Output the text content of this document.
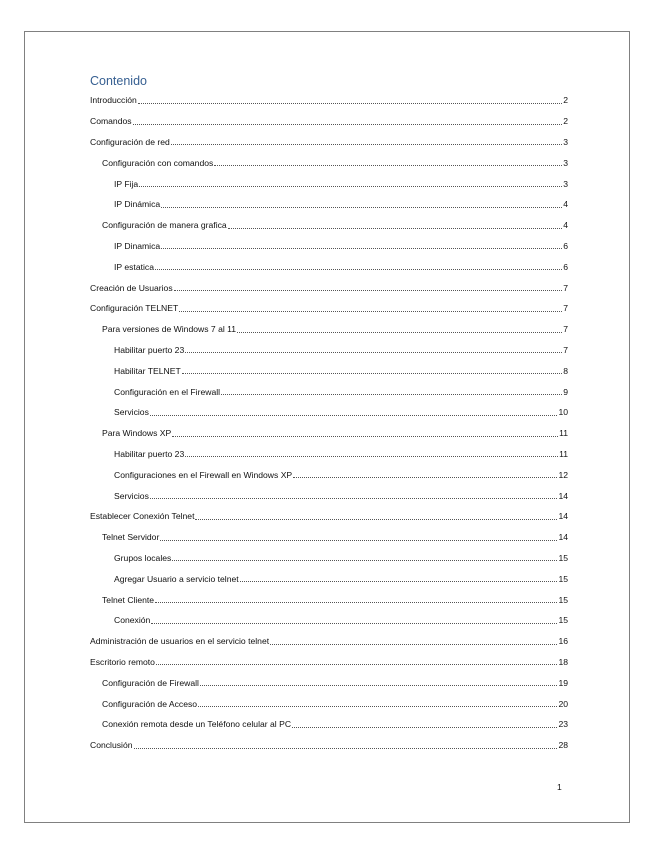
Contenido
Introducción	2
Comandos	2
Configuración de red	3
Configuración con comandos	3
IP Fija	3
IP Dinámica	4
Configuración de manera grafica	4
IP Dinamica	6
IP estatica	6
Creación de Usuarios	7
Configuración TELNET	7
Para versiones de Windows 7 al 11	7
Habilitar puerto 23	7
Habilitar TELNET	8
Configuración en el Firewall	9
Servicios	10
Para Windows XP	11
Habilitar puerto 23	11
Configuraciones en el Firewall en Windows XP	12
Servicios	14
Establecer Conexión Telnet	14
Telnet Servidor	14
Grupos locales	15
Agregar Usuario a servicio telnet	15
Telnet Cliente	15
Conexión	15
Administración de usuarios en el servicio telnet	16
Escritorio remoto	18
Configuración de Firewall	19
Configuración de Acceso	20
Conexión remota desde un Teléfono celular al PC	23
Conclusión	28
1
